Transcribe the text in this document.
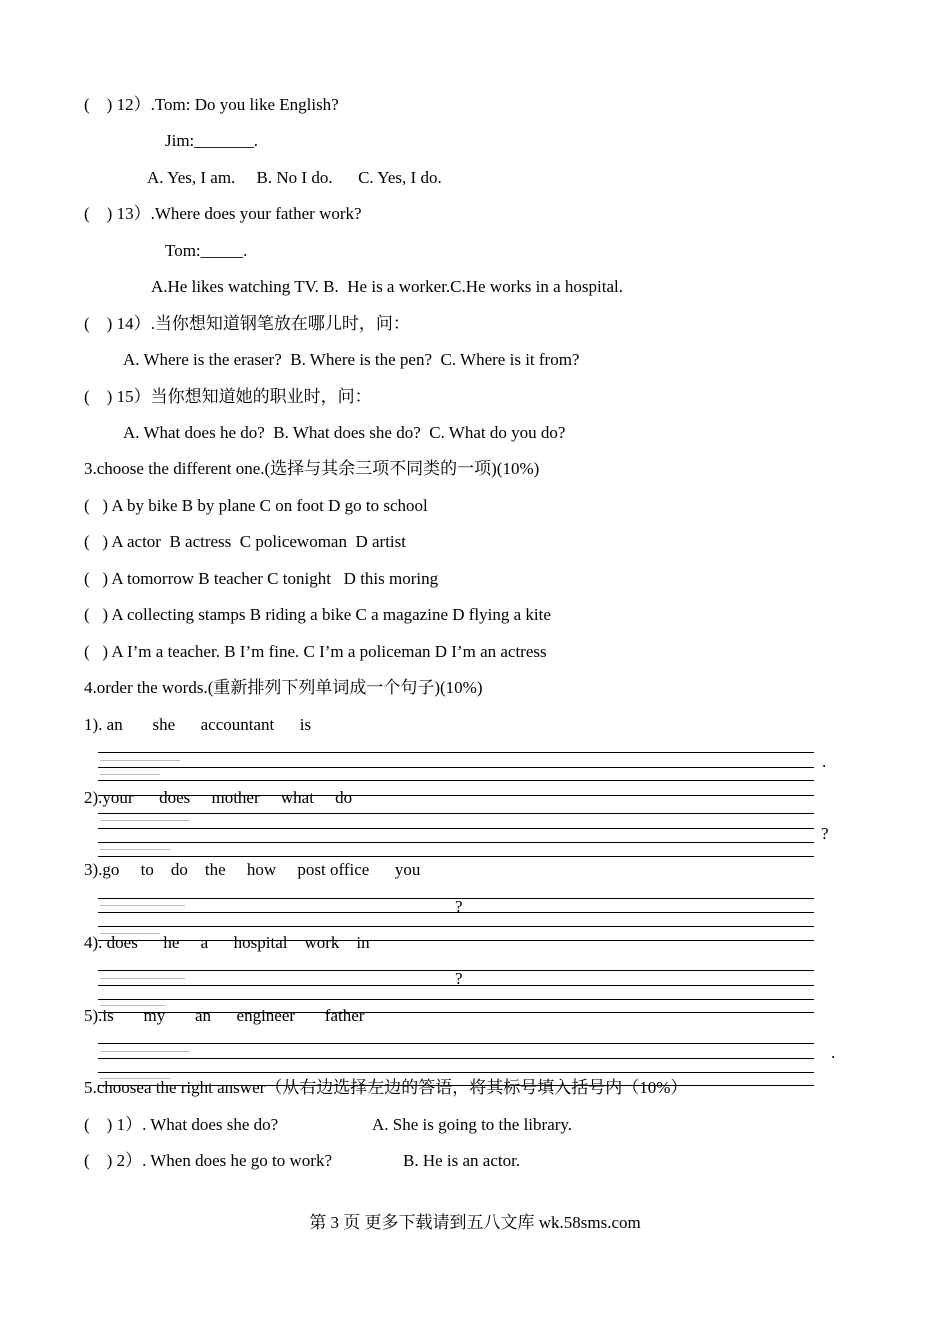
(    ) 12）.Tom: Do you like English?
Jim:_______.
A. Yes, I am.     B. No I do.      C. Yes, I do.
(    ) 13）.Where does your father work?
Tom:_____.
A.He likes watching TV. B.  He is a worker.C.He works in a hospital.
(    ) 14）.当你想知道钢笔放在哪儿时，问：
A. Where is the eraser?  B. Where is the pen?  C. Where is it from?
(    ) 15）当你想知道她的职业时，问：
A. What does he do?  B. What does she do?  C. What do you do?
3.choose the different one.(选择与其余三项不同类的一项)(10%)
(   ) A by bike B by plane C on foot D go to school
(   ) A actor  B actress  C policewoman  D artist
(   ) A tomorrow B teacher C tonight   D this moring
(   ) A collecting stamps B riding a bike C a magazine D flying a kite
(   ) A I’m a teacher. B I’m fine. C I’m a policeman D I’m an actress
4.order the words.(重新排列下列单词成一个句子)(10%)
1). an       she      accountant      is
.
2).your      does     mother     what     do
?
3).go     to    do    the     how     post office      you
?
4). does      he     a      hospital    work    in
?
5).is       my       an      engineer       father
.
5.choosea the right answer（从右边选择左边的答语，将其标号填入括号内（10%）
(    ) 1）. What does she do?	A. She is going to the library.
(    ) 2）. When does he go to work?	B. He is an actor.
第 3 页 更多下载请到五八文库 wk.58sms.com
